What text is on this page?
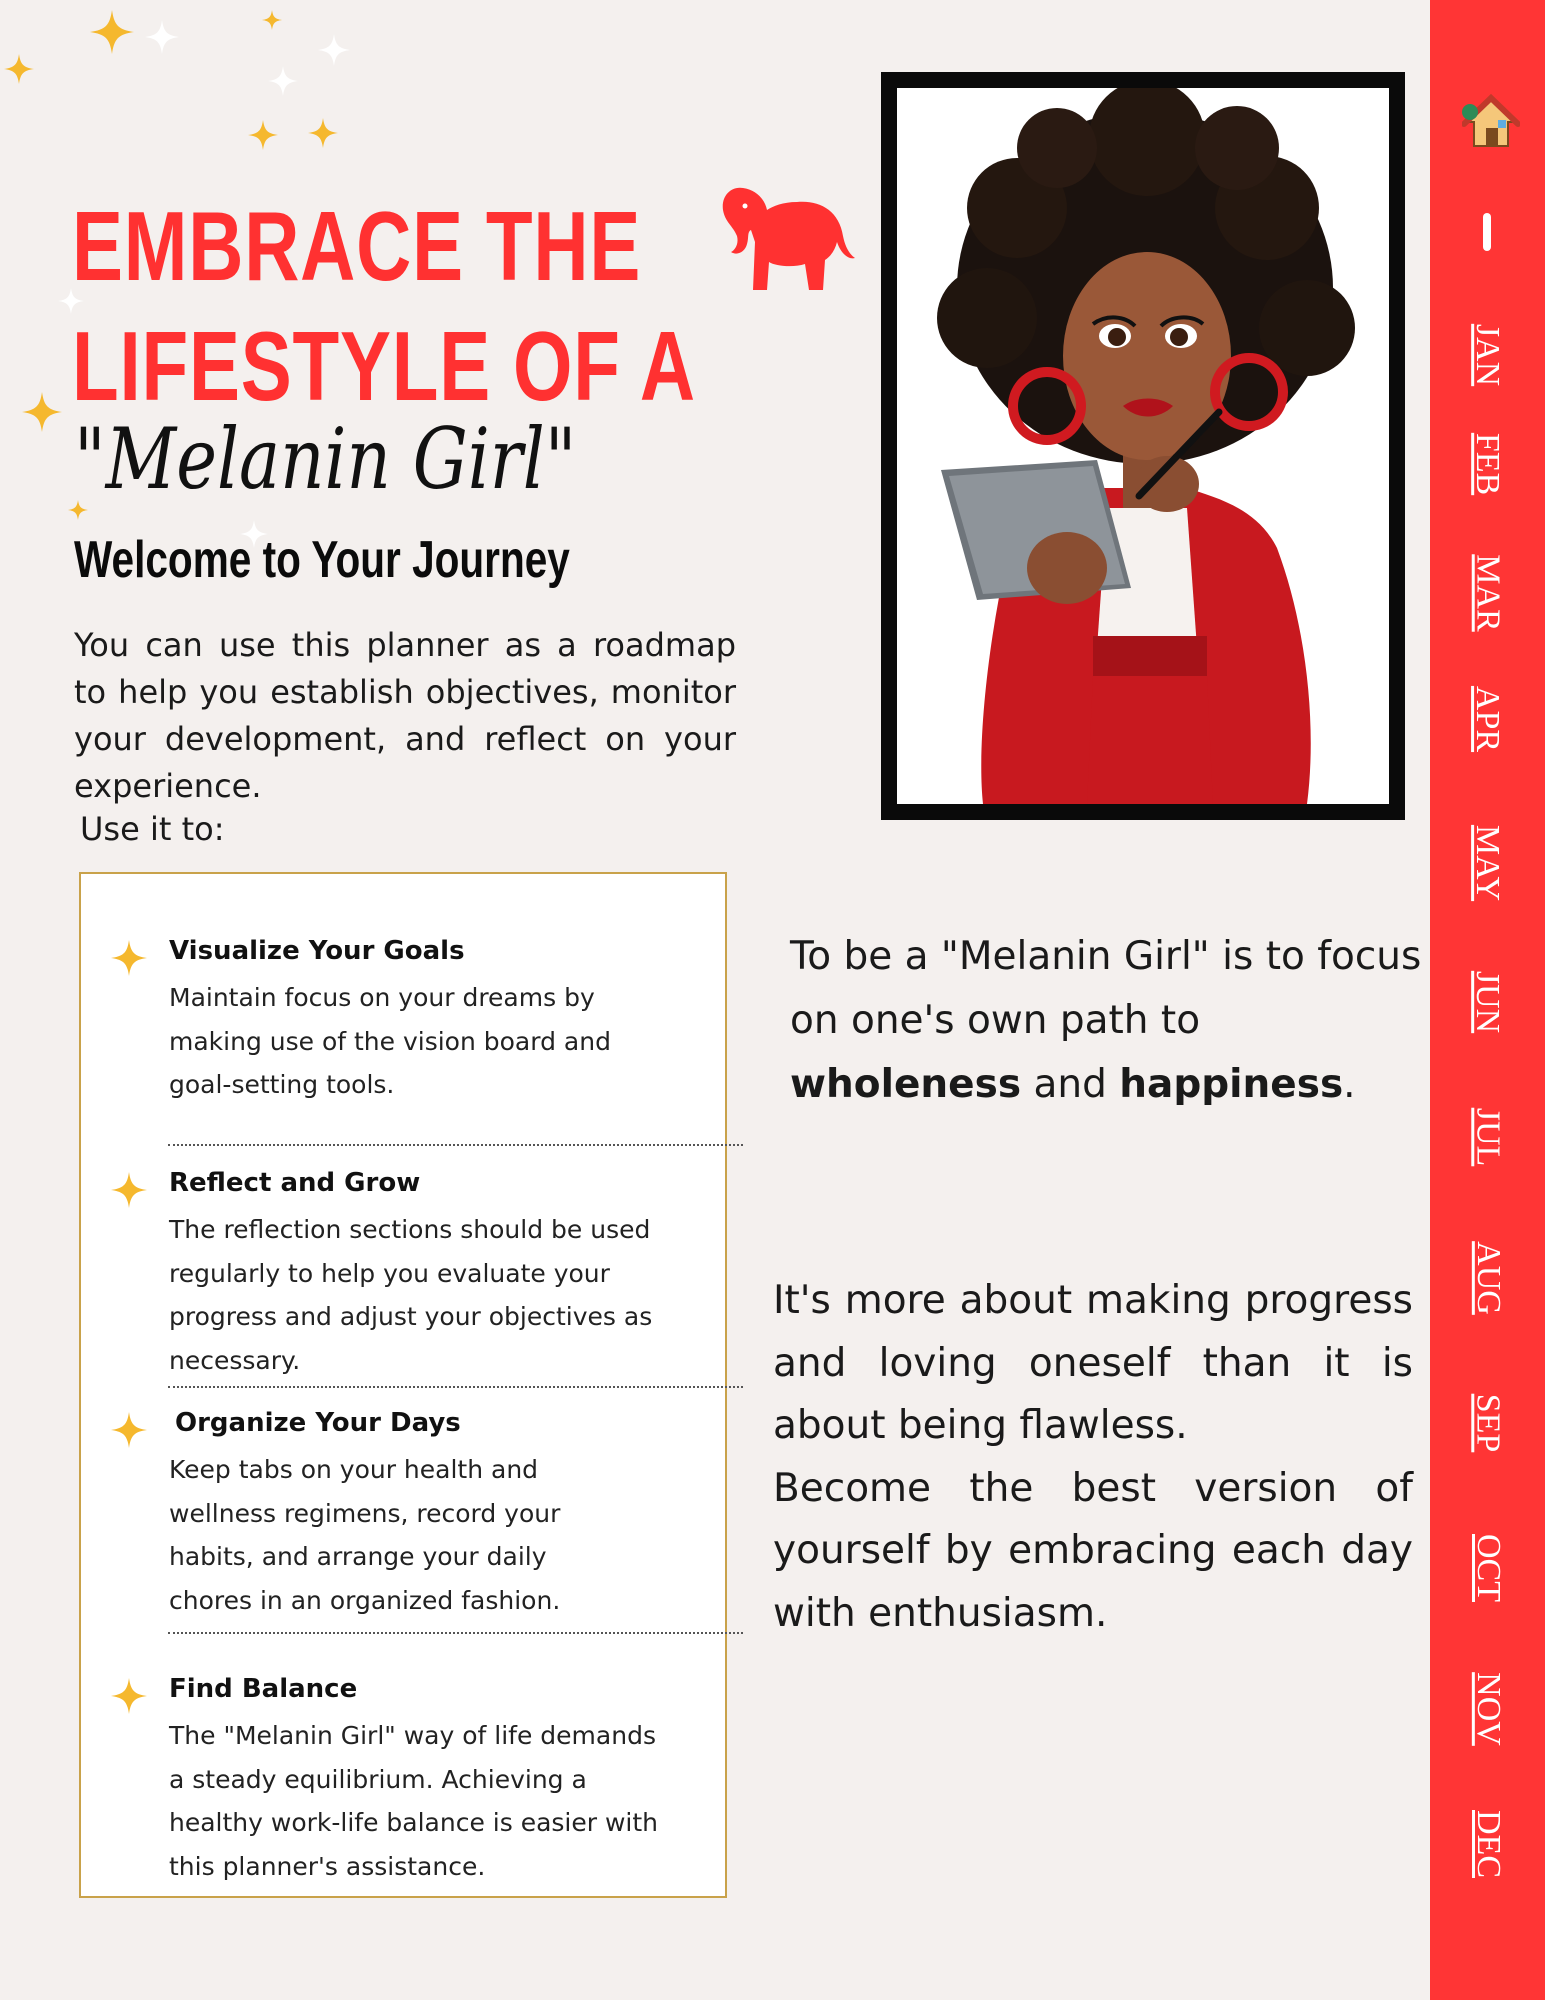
EMBRACE THE
LIFESTYLE OF A
"Melanin Girl"
Welcome to Your Journey
You can use this planner as a roadmap to help you establish objectives, monitor your development, and reflect on your experience.
Use it to:
Visualize Your Goals
Maintain focus on your dreams by making use of the vision board and goal-setting tools.
Reflect and Grow
The reflection sections should be used regularly to help you evaluate your progress and adjust your objectives as necessary.
Organize Your Days
Keep tabs on your health and wellness regimens, record your habits, and arrange your daily chores in an organized fashion.
Find Balance
The "Melanin Girl" way of life demands a steady equilibrium. Achieving a healthy work-life balance is easier with this planner's assistance.
To be a "Melanin Girl" is to focus on one's own path to wholeness and happiness.

It's more about making progress and loving oneself than it is about being flawless.

Become the best version of yourself by embracing each day with enthusiasm.

JAN
FEB
MAR
APR
MAY
JUN
JUL
AUG
SEP
OCT
NOV
DEC
